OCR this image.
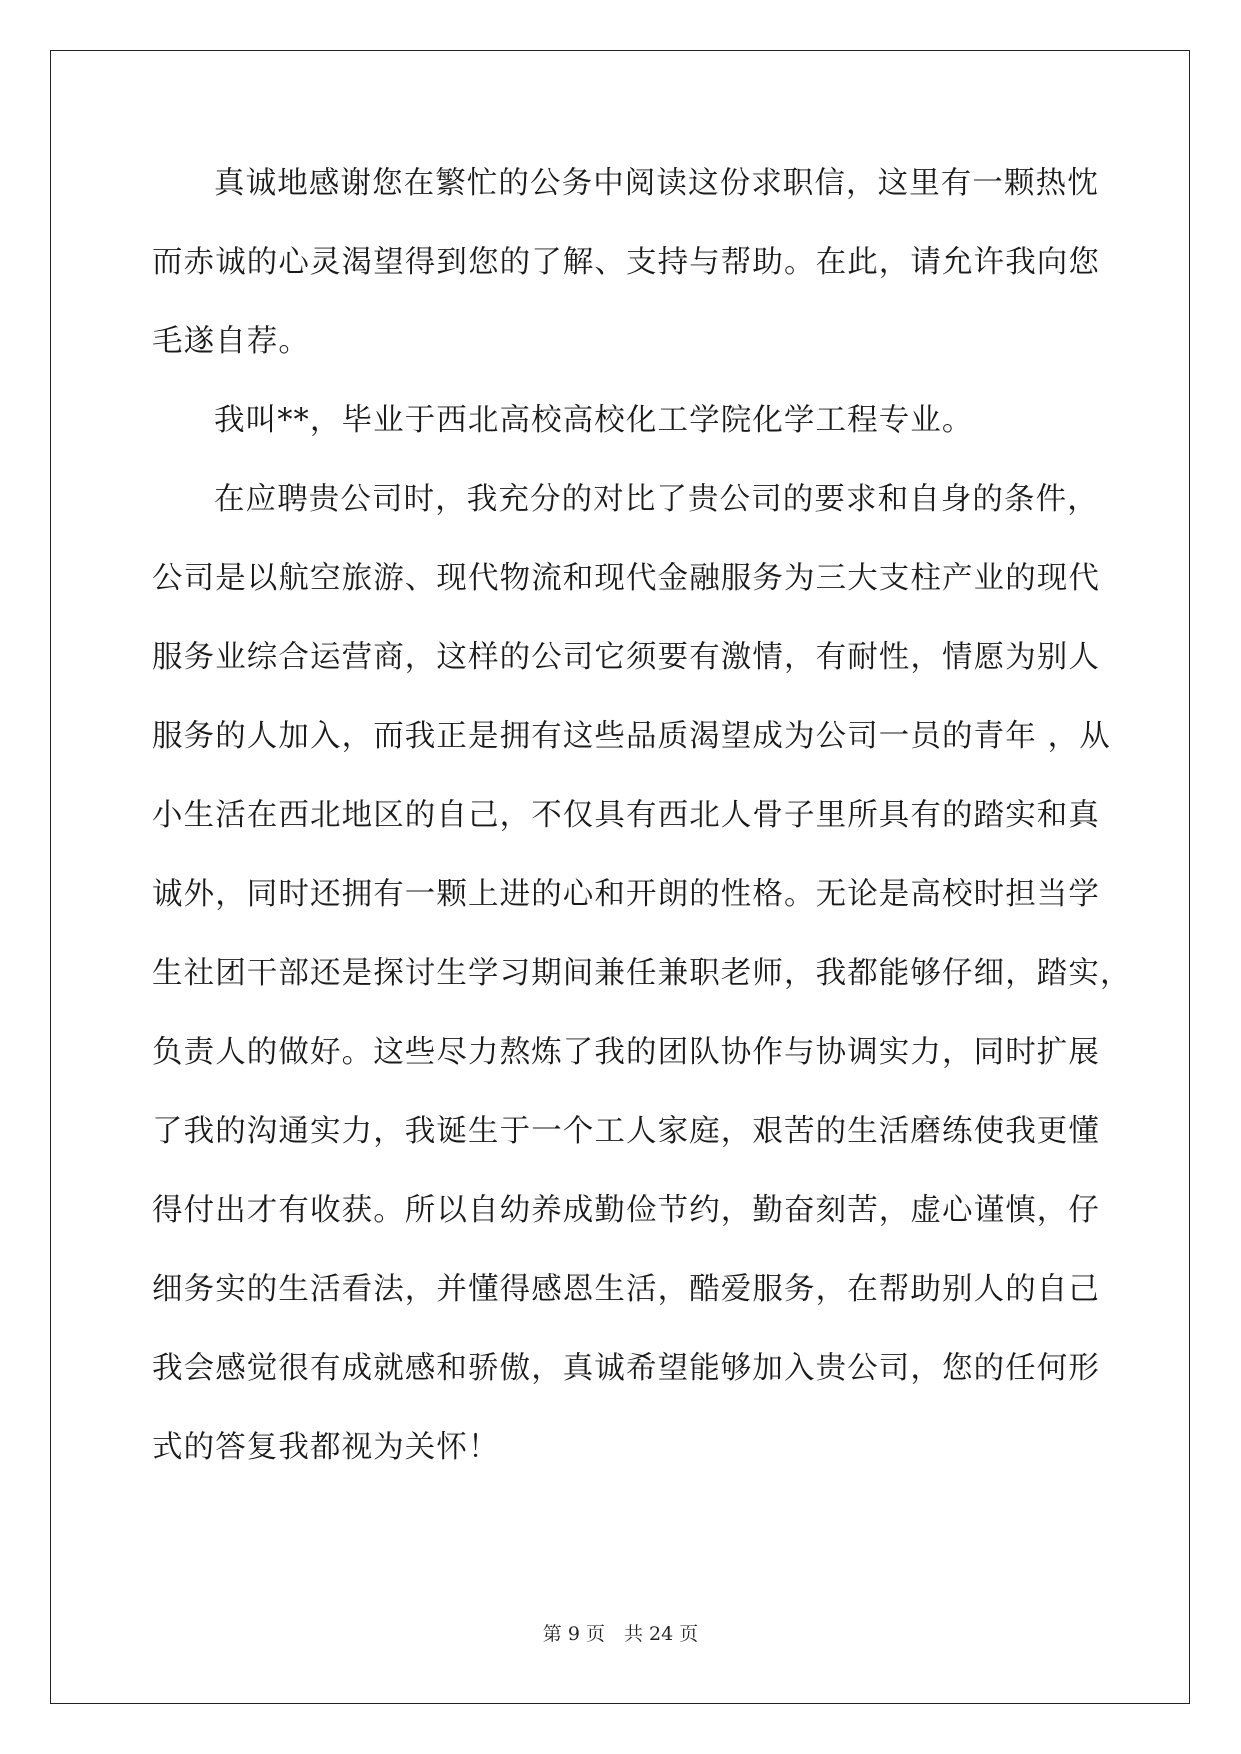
真诚地感谢您在繁忙的公务中阅读这份求职信，这里有一颗热忱
而赤诚的心灵渴望得到您的了解、支持与帮助。在此，请允许我向您
毛遂自荐。
我叫**，毕业于西北高校高校化工学院化学工程专业。
在应聘贵公司时，我充分的对比了贵公司的要求和自身的条件，
公司是以航空旅游、现代物流和现代金融服务为三大支柱产业的现代
服务业综合运营商，这样的公司它须要有激情，有耐性，情愿为别人
服务的人加入，而我正是拥有这些品质渴望成为公司一员的青年 ，从
小生活在西北地区的自己，不仅具有西北人骨子里所具有的踏实和真
诚外，同时还拥有一颗上进的心和开朗的性格。无论是高校时担当学
生社团干部还是探讨生学习期间兼任兼职老师，我都能够仔细，踏实，
负责人的做好。这些尽力熬炼了我的团队协作与协调实力，同时扩展
了我的沟通实力，我诞生于一个工人家庭，艰苦的生活磨练使我更懂
得付出才有收获。所以自幼养成勤俭节约，勤奋刻苦，虚心谨慎，仔
细务实的生活看法，并懂得感恩生活，酷爱服务，在帮助别人的自己
我会感觉很有成就感和骄傲，真诚希望能够加入贵公司，您的任何形
式的答复我都视为关怀！
第 9 页　共 24 页
